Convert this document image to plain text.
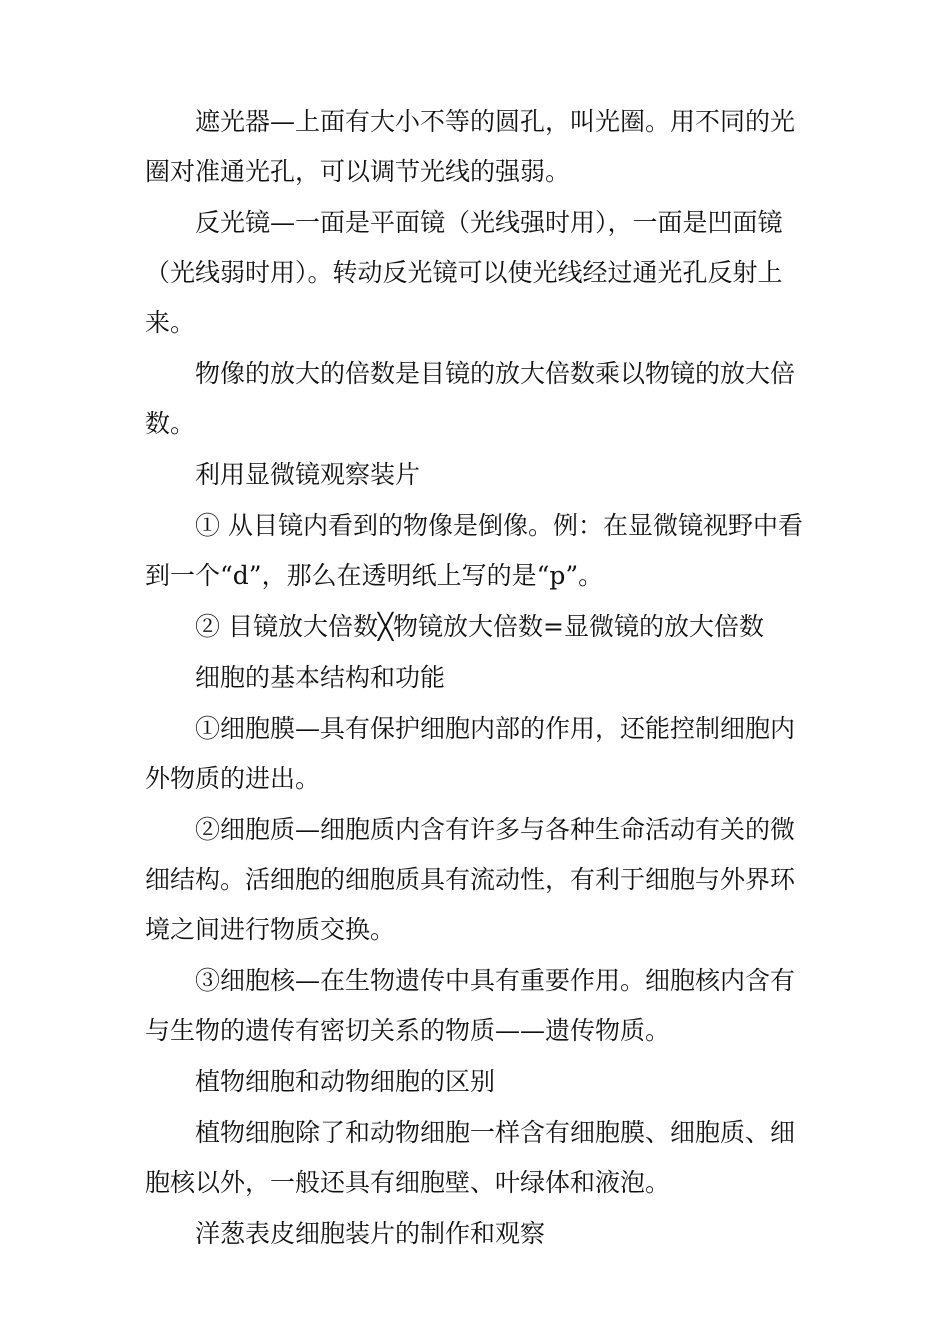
遮光器—上面有大小不等的圆孔，叫光圈。用不同的光圈对准通光孔，可以调节光线的强弱。

反光镜—一面是平面镜（光线强时用），一面是凹面镜（光线弱时用）。转动反光镜可以使光线经过通光孔反射上来。

物像的放大的倍数是目镜的放大倍数乘以物镜的放大倍数。

利用显微镜观察装片

① 从目镜内看到的物像是倒像。例：在显微镜视野中看到一个“d”，那么在透明纸上写的是“p”。

② 目镜放大倍数╳物镜放大倍数=显微镜的放大倍数

细胞的基本结构和功能

①细胞膜—具有保护细胞内部的作用，还能控制细胞内外物质的进出。

②细胞质—细胞质内含有许多与各种生命活动有关的微细结构。活细胞的细胞质具有流动性，有利于细胞与外界环境之间进行物质交换。

③细胞核—在生物遗传中具有重要作用。细胞核内含有与生物的遗传有密切关系的物质——遗传物质。

植物细胞和动物细胞的区别

植物细胞除了和动物细胞一样含有细胞膜、细胞质、细胞核以外，一般还具有细胞壁、叶绿体和液泡。

洋葱表皮细胞装片的制作和观察
